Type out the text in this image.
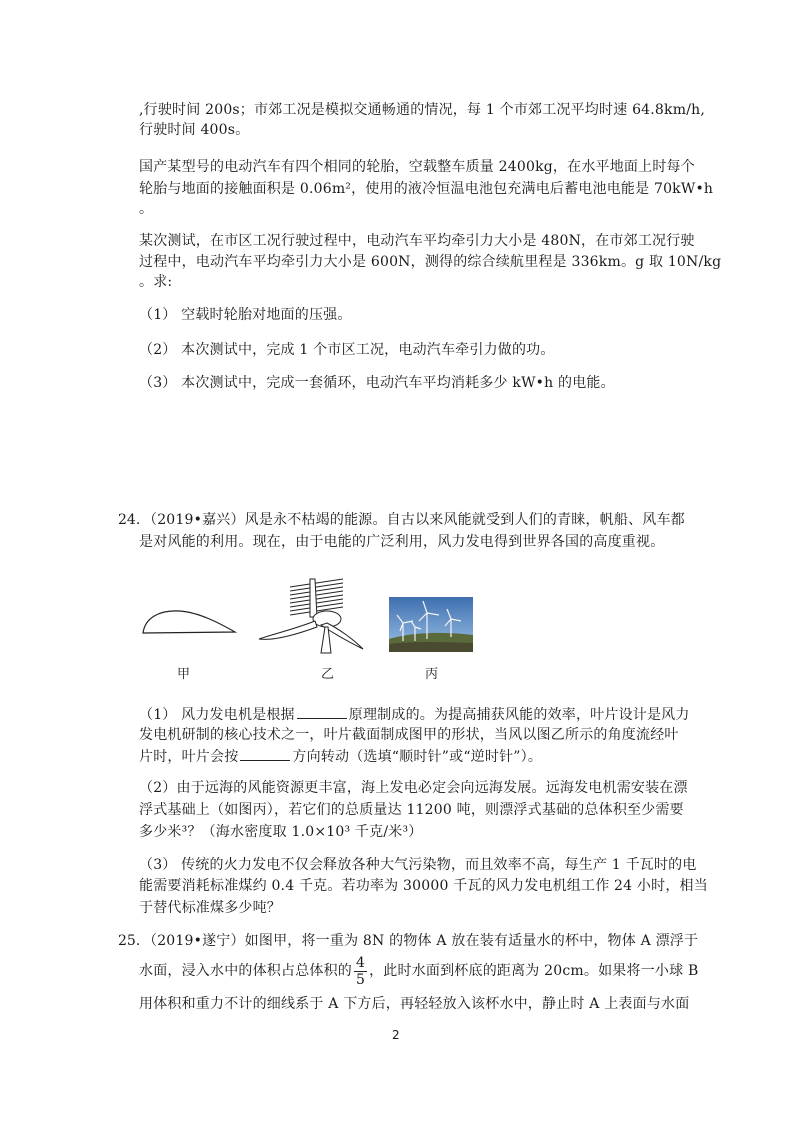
,行驶时间 200s；市郊工况是模拟交通畅通的情况，每 1 个市郊工况平均时速 64.8km/h,
行驶时间 400s。
国产某型号的电动汽车有四个相同的轮胎，空载整车质量 2400kg，在水平地面上时每个
轮胎与地面的接触面积是 0.06m²，使用的液冷恒温电池包充满电后蓄电池电能是 70kW•h
。
某次测试，在市区工况行驶过程中，电动汽车平均牵引力大小是 480N，在市郊工况行驶
过程中，电动汽车平均牵引力大小是 600N，测得的综合续航里程是 336km。g 取 10N/kg
。求:
（1） 空载时轮胎对地面的压强。
（2） 本次测试中，完成 1 个市区工况，电动汽车牵引力做的功。
（3） 本次测试中，完成一套循环，电动汽车平均消耗多少 kW•h 的电能。
24. （2019•嘉兴）风是永不枯竭的能源。自古以来风能就受到人们的青睐，帆船、风车都
是对风能的利用。现在，由于电能的广泛利用，风力发电得到世界各国的高度重视。
甲	乙	丙
（1） 风力发电机是根据	原理制成的。为提高捕获风能的效率，叶片设计是风力
发电机研制的核心技术之一，叶片截面制成图甲的形状，当风以图乙所示的角度流经叶
片时，叶片会按	方向转动（选填“顺时针”或“逆时针”）。
（2）由于远海的风能资源更丰富，海上发电必定会向远海发展。远海发电机需安装在漂
浮式基础上（如图丙），若它们的总质量达 11200 吨，则漂浮式基础的总体积至少需要
多少米³？（海水密度取 1.0×10³ 千克/米³）
（3） 传统的火力发电不仅会释放各种大气污染物，而且效率不高，每生产 1 千瓦时的电
能需要消耗标准煤约 0.4 千克。若功率为 30000 千瓦的风力发电机组工作 24 小时，相当
于替代标准煤多少吨？
25. （2019•遂宁）如图甲，将一重为 8N 的物体 A 放在装有适量水的杯中，物体 A 漂浮于
水面，浸入水中的体积占总体积的 $\frac{4}{5}$ ，此时水面到杯底的距离为 20cm。如果将一小球 B
用体积和重力不计的细线系于 A 下方后，再轻轻放入该杯水中，静止时 A 上表面与水面
2
